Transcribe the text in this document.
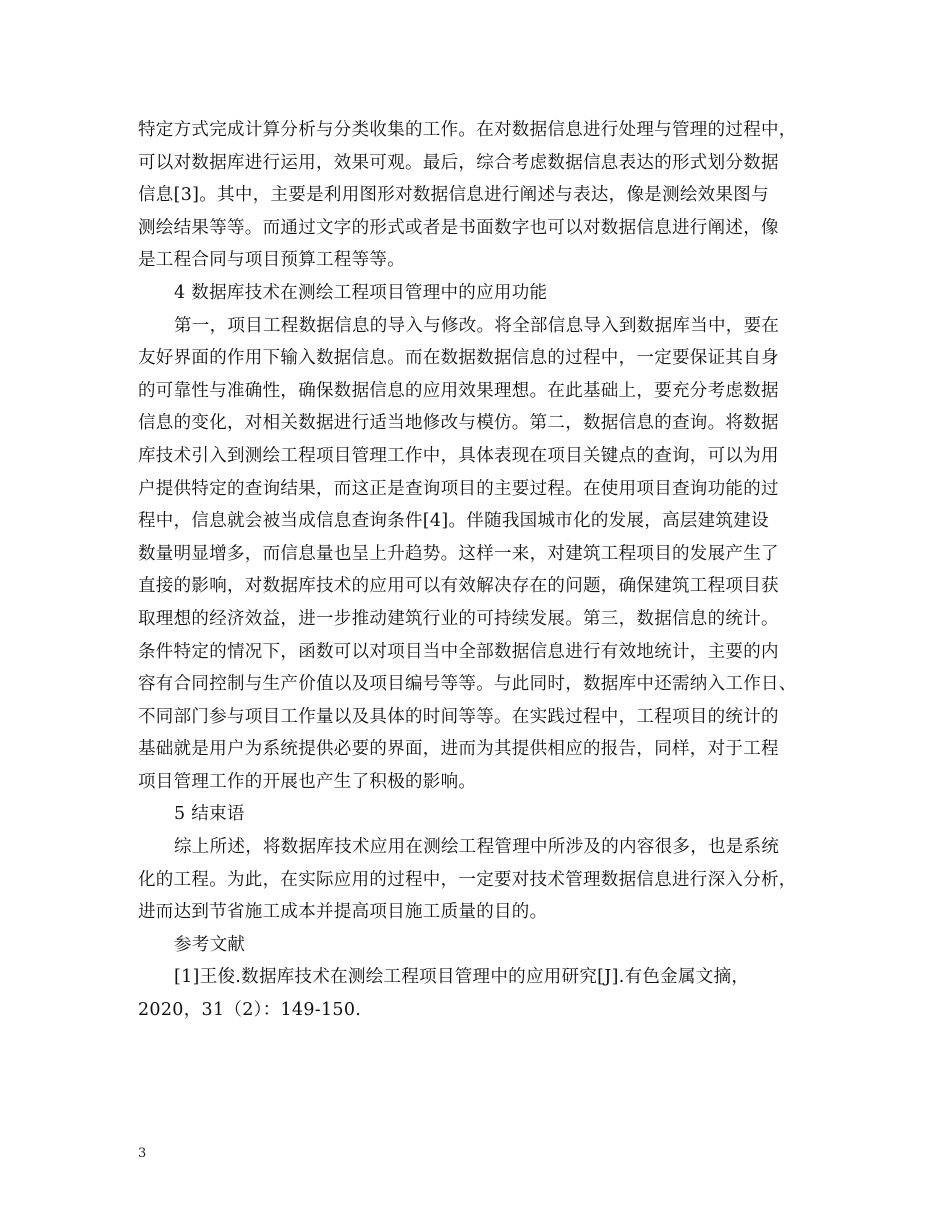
特定方式完成计算分析与分类收集的工作。在对数据信息进行处理与管理的过程中，
可以对数据库进行运用，效果可观。最后，综合考虑数据信息表达的形式划分数据
信息[3]。其中，主要是利用图形对数据信息进行阐述与表达，像是测绘效果图与
测绘结果等等。而通过文字的形式或者是书面数字也可以对数据信息进行阐述，像
是工程合同与项目预算工程等等。
4 数据库技术在测绘工程项目管理中的应用功能
第一，项目工程数据信息的导入与修改。将全部信息导入到数据库当中，要在
友好界面的作用下输入数据信息。而在数据数据信息的过程中，一定要保证其自身
的可靠性与准确性，确保数据信息的应用效果理想。在此基础上，要充分考虑数据
信息的变化，对相关数据进行适当地修改与模仿。第二，数据信息的查询。将数据
库技术引入到测绘工程项目管理工作中，具体表现在项目关键点的查询，可以为用
户提供特定的查询结果，而这正是查询项目的主要过程。在使用项目查询功能的过
程中，信息就会被当成信息查询条件[4]。伴随我国城市化的发展，高层建筑建设
数量明显增多，而信息量也呈上升趋势。这样一来，对建筑工程项目的发展产生了
直接的影响，对数据库技术的应用可以有效解决存在的问题，确保建筑工程项目获
取理想的经济效益，进一步推动建筑行业的可持续发展。第三，数据信息的统计。
条件特定的情况下，函数可以对项目当中全部数据信息进行有效地统计，主要的内
容有合同控制与生产价值以及项目编号等等。与此同时，数据库中还需纳入工作日、
不同部门参与项目工作量以及具体的时间等等。在实践过程中，工程项目的统计的
基础就是用户为系统提供必要的界面，进而为其提供相应的报告，同样，对于工程
项目管理工作的开展也产生了积极的影响。
5 结束语
综上所述，将数据库技术应用在测绘工程管理中所涉及的内容很多，也是系统
化的工程。为此，在实际应用的过程中，一定要对技术管理数据信息进行深入分析，
进而达到节省施工成本并提高项目施工质量的目的。
参考文献
[1]王俊.数据库技术在测绘工程项目管理中的应用研究[J].有色金属文摘，
2020，31（2）：149-150.
3
